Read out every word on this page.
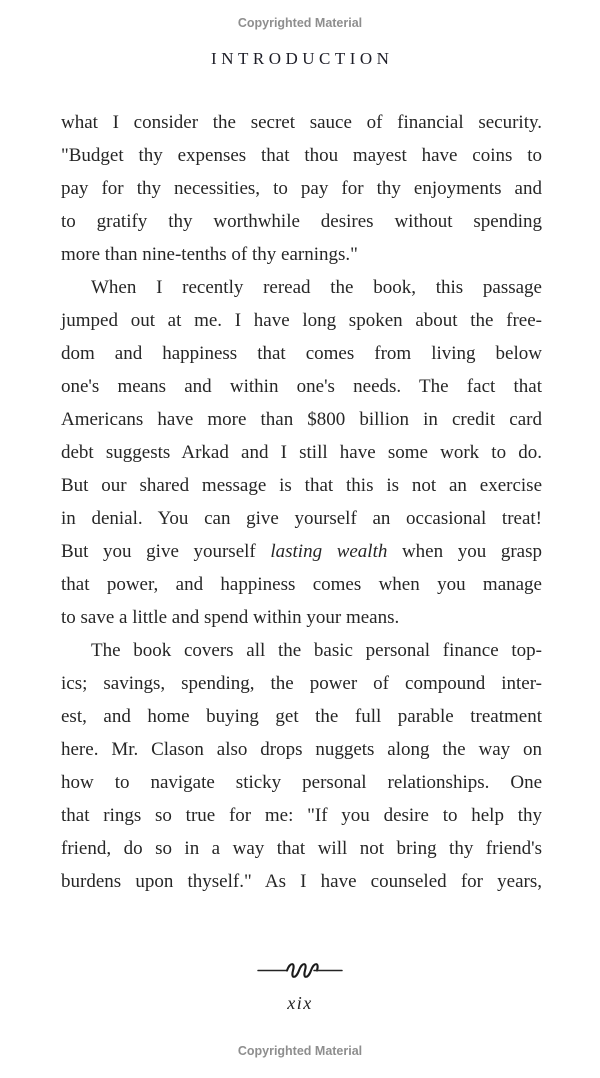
Copyrighted Material
INTRODUCTION
what I consider the secret sauce of financial security.
"Budget thy expenses that thou mayest have coins to
pay for thy necessities, to pay for thy enjoyments and
to gratify thy worthwhile desires without spending
more than nine-tenths of thy earnings."
When I recently reread the book, this passage
jumped out at me. I have long spoken about the free-
dom and happiness that comes from living below
one's means and within one's needs. The fact that
Americans have more than $800 billion in credit card
debt suggests Arkad and I still have some work to do.
But our shared message is that this is not an exercise
in denial. You can give yourself an occasional treat!
But you give yourself lasting wealth when you grasp
that power, and happiness comes when you manage
to save a little and spend within your means.
The book covers all the basic personal finance top-
ics; savings, spending, the power of compound inter-
est, and home buying get the full parable treatment
here. Mr. Clason also drops nuggets along the way on
how to navigate sticky personal relationships. One
that rings so true for me: "If you desire to help thy
friend, do so in a way that will not bring thy friend's
burdens upon thyself." As I have counseled for years,
xix
Copyrighted Material
